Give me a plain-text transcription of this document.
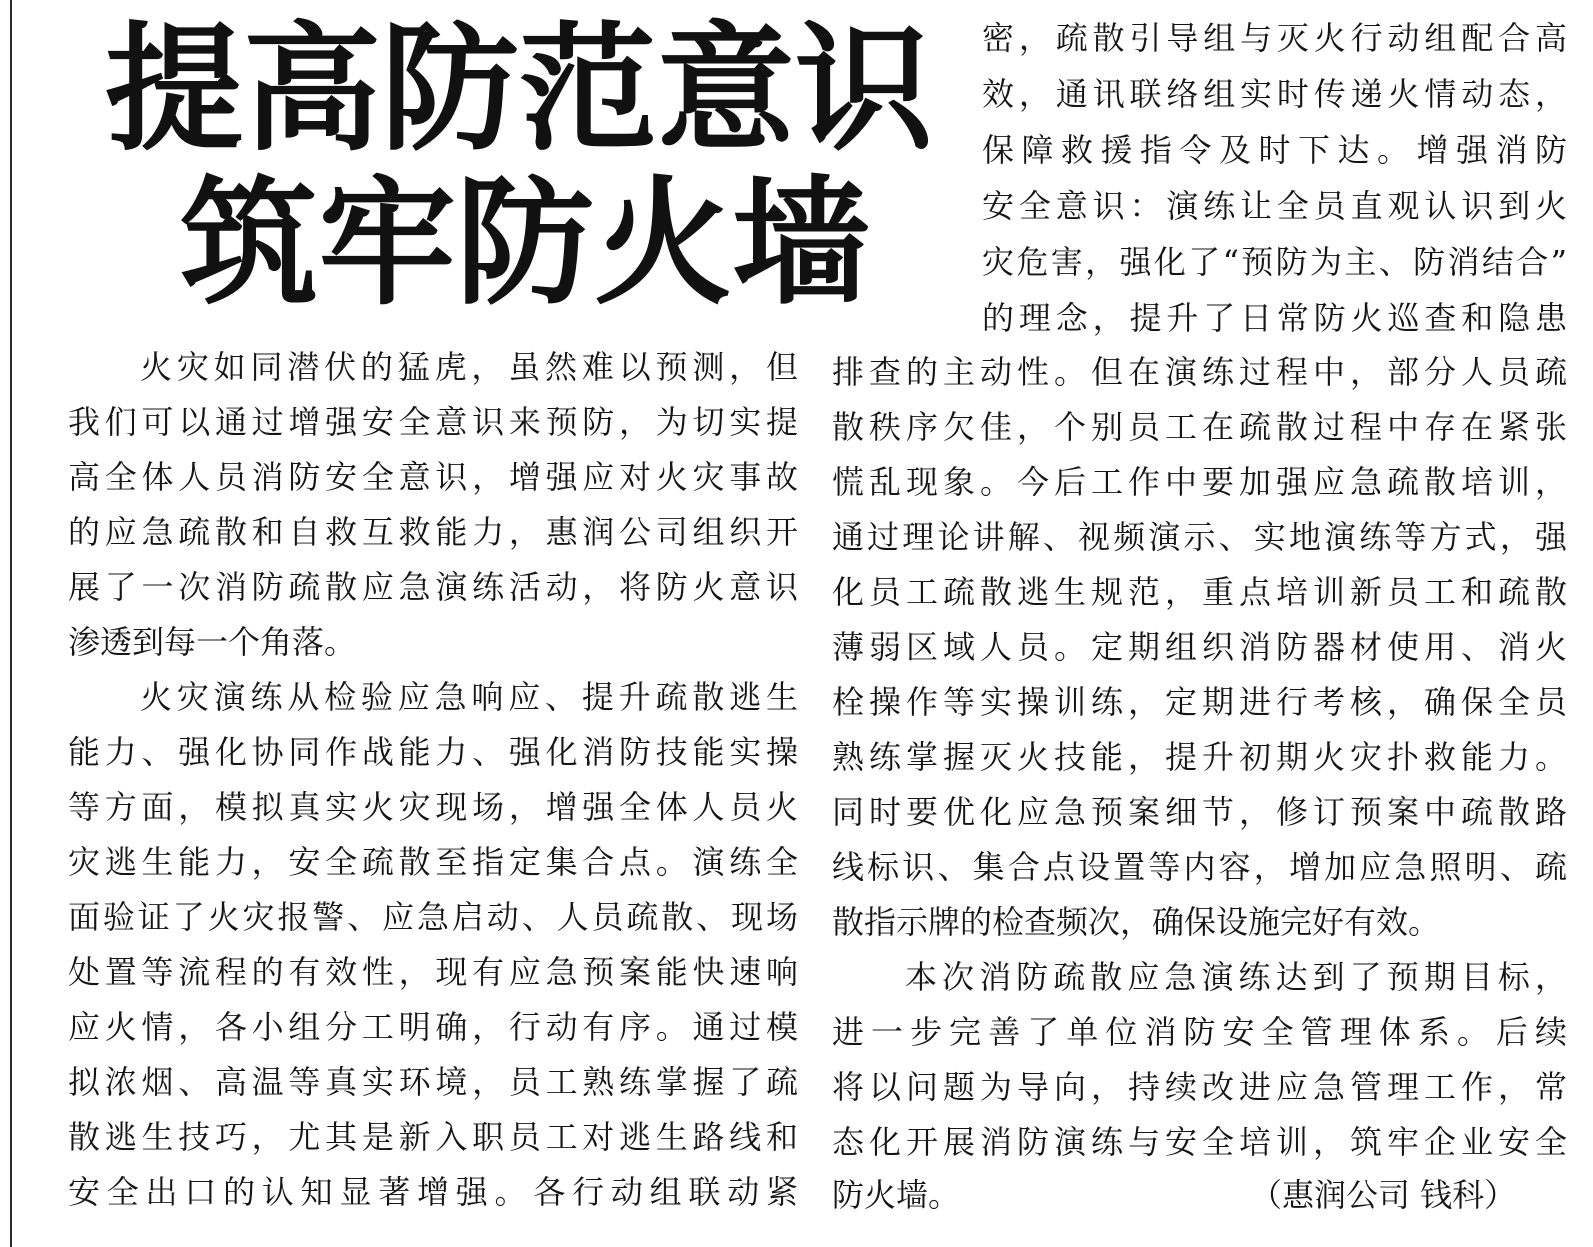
提高防范意识
筑牢防火墙

密，疏散引导组与灭火行动组配合高

效，通讯联络组实时传递火情动态，

保障救援指令及时下达。增强消防

安全意识：演练让全员直观认识到火

灾危害，强化了“预防为主、防消结合”

的理念，提升了日常防火巡查和隐患

火灾如同潜伏的猛虎，虽然难以预测，但

我们可以通过增强安全意识来预防，为切实提

高全体人员消防安全意识，增强应对火灾事故

的应急疏散和自救互救能力，惠润公司组织开

展了一次消防疏散应急演练活动，将防火意识

渗透到每一个角落。

火灾演练从检验应急响应、提升疏散逃生

能力、强化协同作战能力、强化消防技能实操

等方面，模拟真实火灾现场，增强全体人员火

灾逃生能力，安全疏散至指定集合点。演练全

面验证了火灾报警、应急启动、人员疏散、现场

处置等流程的有效性，现有应急预案能快速响

应火情，各小组分工明确，行动有序。通过模

拟浓烟、高温等真实环境，员工熟练掌握了疏

散逃生技巧，尤其是新入职员工对逃生路线和

安全出口的认知显著增强。各行动组联动紧

排查的主动性。但在演练过程中，部分人员疏

散秩序欠佳，个别员工在疏散过程中存在紧张

慌乱现象。今后工作中要加强应急疏散培训，

通过理论讲解、视频演示、实地演练等方式，强

化员工疏散逃生规范，重点培训新员工和疏散

薄弱区域人员。定期组织消防器材使用、消火

栓操作等实操训练，定期进行考核，确保全员

熟练掌握灭火技能，提升初期火灾扑救能力。

同时要优化应急预案细节，修订预案中疏散路

线标识、集合点设置等内容，增加应急照明、疏

散指示牌的检查频次，确保设施完好有效。

本次消防疏散应急演练达到了预期目标，

进一步完善了单位消防安全管理体系。后续

将以问题为导向，持续改进应急管理工作，常

态化开展消防演练与安全培训，筑牢企业安全

防火墙。	（惠润公司 钱科）
